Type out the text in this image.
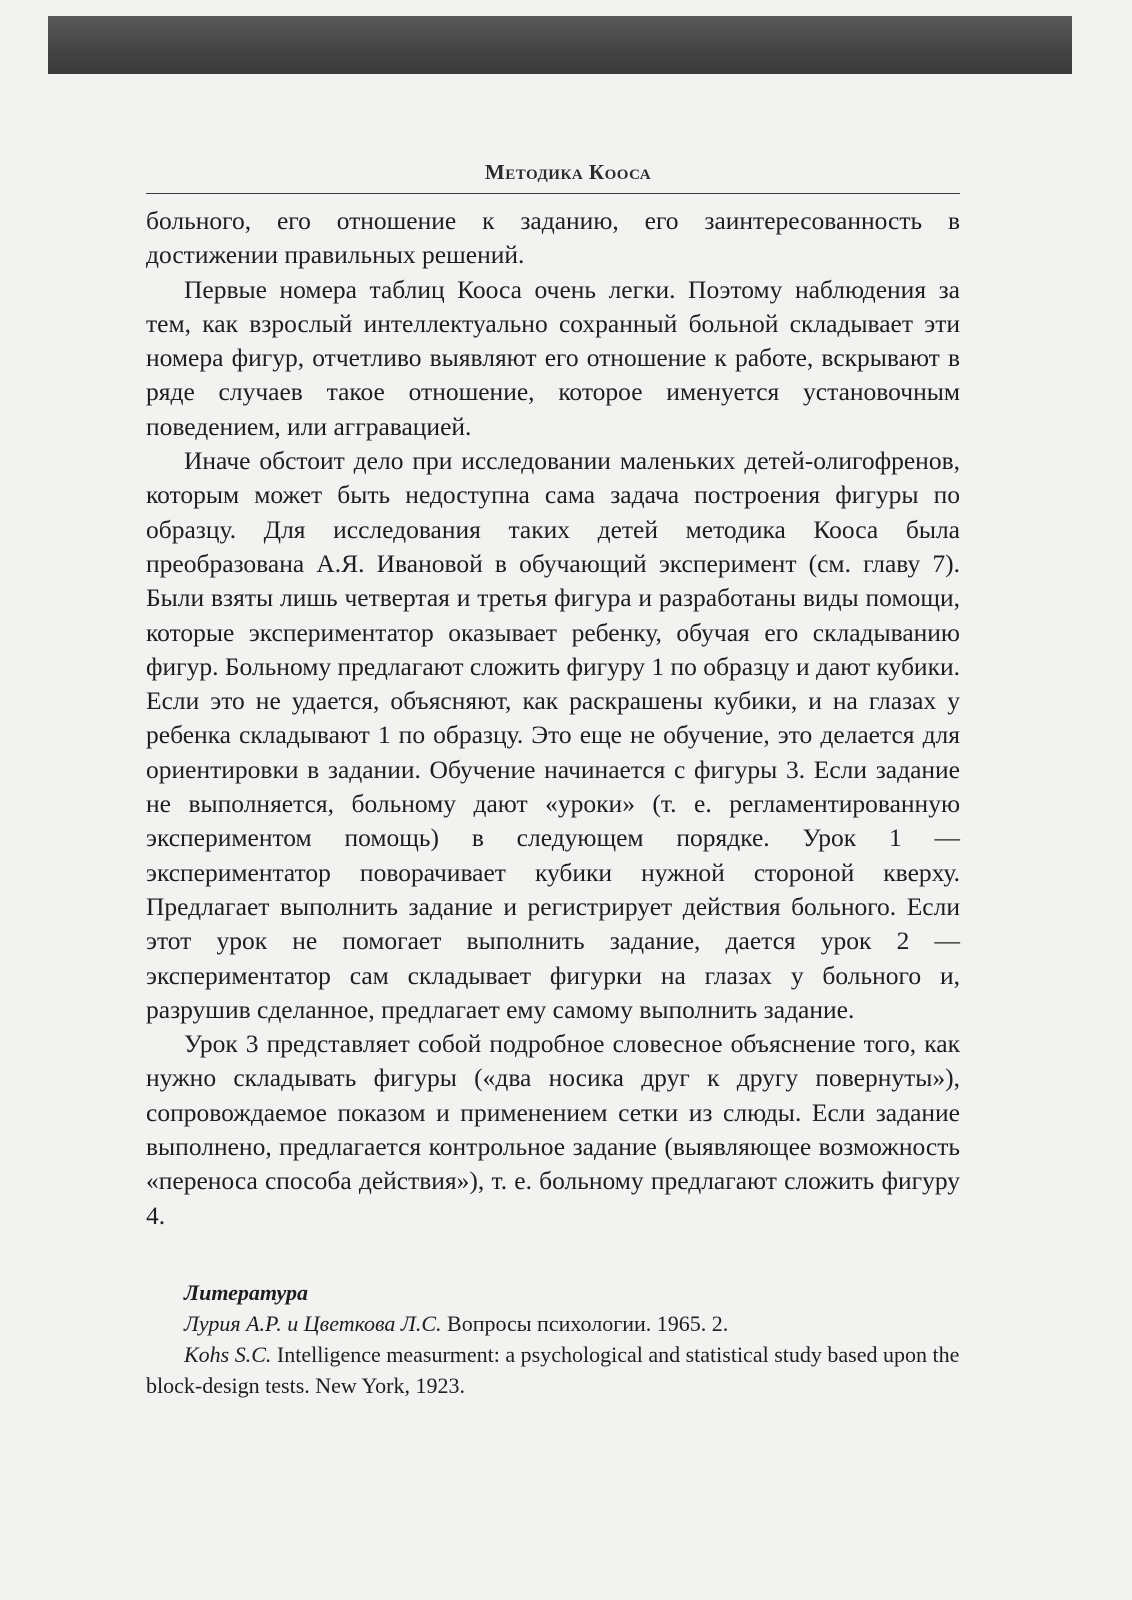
Методика Кооса

больного, его отношение к заданию, его заинтересованность в достижении правильных решений.

Первые номера таблиц Кооса очень легки. Поэтому наблюдения за тем, как взрослый интеллектуально сохранный больной складывает эти номера фигур, отчетливо выявляют его отношение к работе, вскрывают в ряде случаев такое отношение, которое именуется установочным поведением, или аггравацией.

Иначе обстоит дело при исследовании маленьких детей-олигофренов, которым может быть недоступна сама задача построения фигуры по образцу. Для исследования таких детей методика Кооса была преобразована А.Я. Ивановой в обучающий эксперимент (см. главу 7). Были взяты лишь четвертая и третья фигура и разработаны виды помощи, которые экспериментатор оказывает ребенку, обучая его складыванию фигур. Больному предлагают сложить фигуру 1 по образцу и дают кубики. Если это не удается, объясняют, как раскрашены кубики, и на глазах у ребенка складывают 1 по образцу. Это еще не обучение, это делается для ориентировки в задании. Обучение начинается с фигуры 3. Если задание не выполняется, больному дают «уроки» (т. е. регламентированную экспериментом помощь) в следующем порядке. Урок 1 — экспериментатор поворачивает кубики нужной стороной кверху. Предлагает выполнить задание и регистрирует действия больного. Если этот урок не помогает выполнить задание, дается урок 2 — экспериментатор сам складывает фигурки на глазах у больного и, разрушив сделанное, предлагает ему самому выполнить задание.

Урок 3 представляет собой подробное словесное объяснение того, как нужно складывать фигуры («два носика друг к другу повернуты»), сопровождаемое показом и применением сетки из слюды. Если задание выполнено, предлагается контрольное задание (выявляющее возможность «переноса способа действия»), т. е. больному предлагают сложить фигуру 4.

Литература

Лурия А.Р. и Цветкова Л.С. Вопросы психологии. 1965. 2.

Kohs S.C. Intelligence measurment: a psychological and statistical study based upon the block-design tests. New York, 1923.
